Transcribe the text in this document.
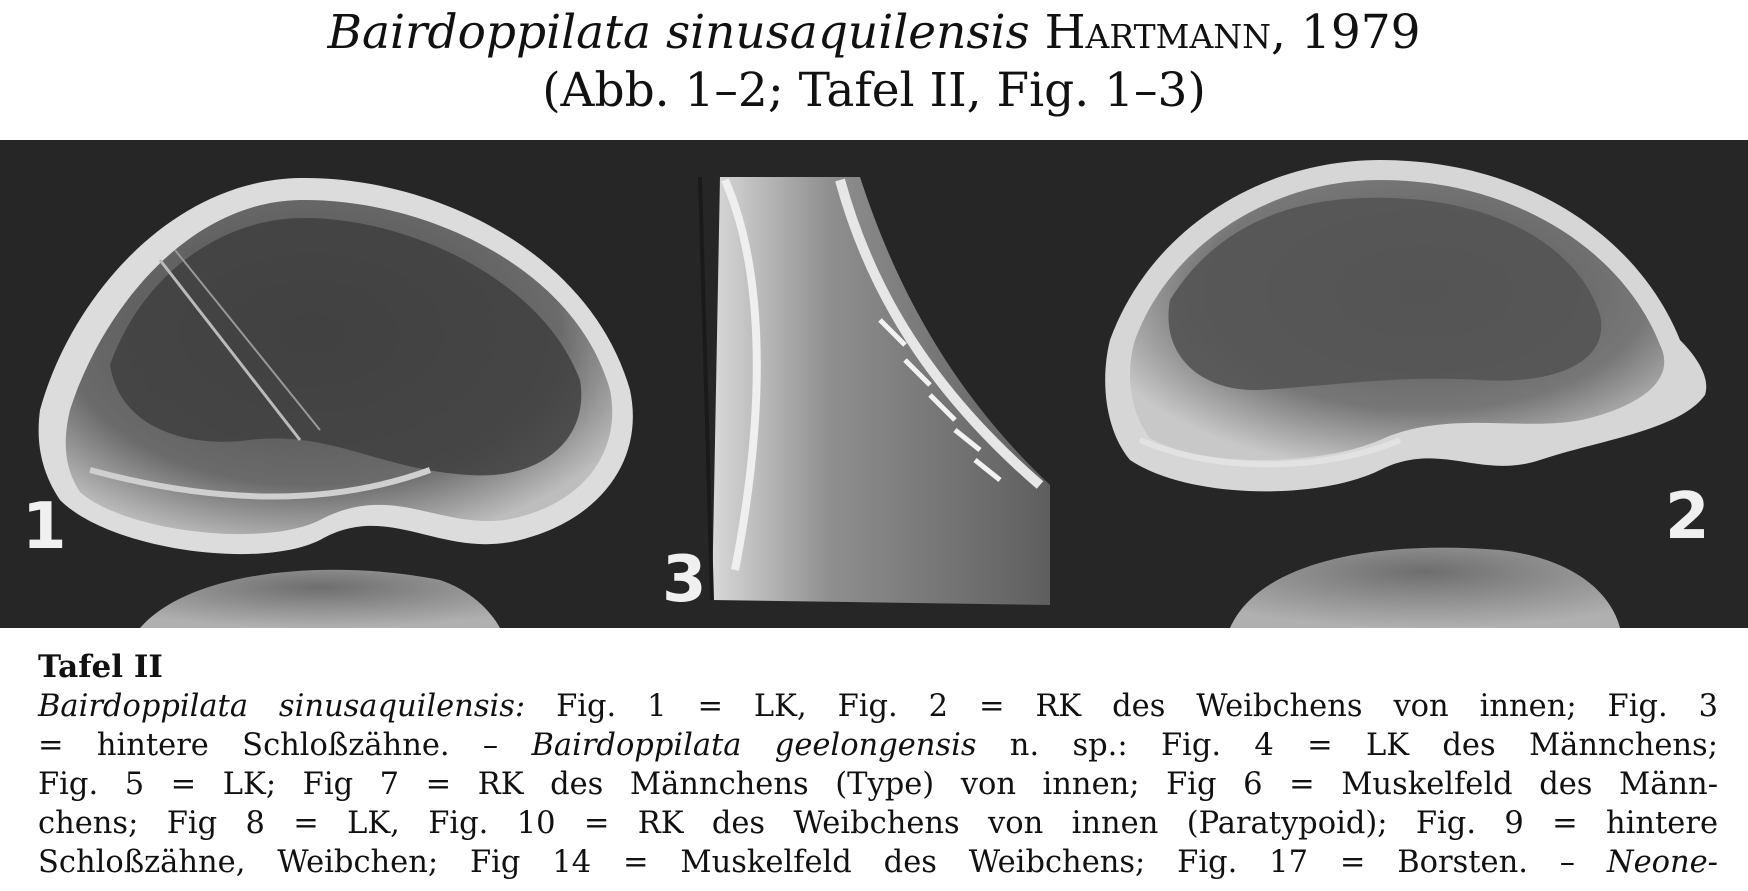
Bairdoppilata sinusaquilensis Hartmann, 1979
(Abb. 1–2; Tafel II, Fig. 1–3)
1
3
2
Tafel II
Bairdoppilata sinusaquilensis: Fig. 1 = LK, Fig. 2 = RK des Weibchens von innen; Fig. 3
= hintere Schloßzähne. – Bairdoppilata geelongensis n. sp.: Fig. 4 = LK des Männchens;
Fig. 5 = LK; Fig 7 = RK des Männchens (Type) von innen; Fig 6 = Muskelfeld des Männ-
chens; Fig 8 = LK, Fig. 10 = RK des Weibchens von innen (Paratypoid); Fig. 9 = hintere
Schloßzähne, Weibchen; Fig 14 = Muskelfeld des Weibchens; Fig. 17 = Borsten. – Neone-
